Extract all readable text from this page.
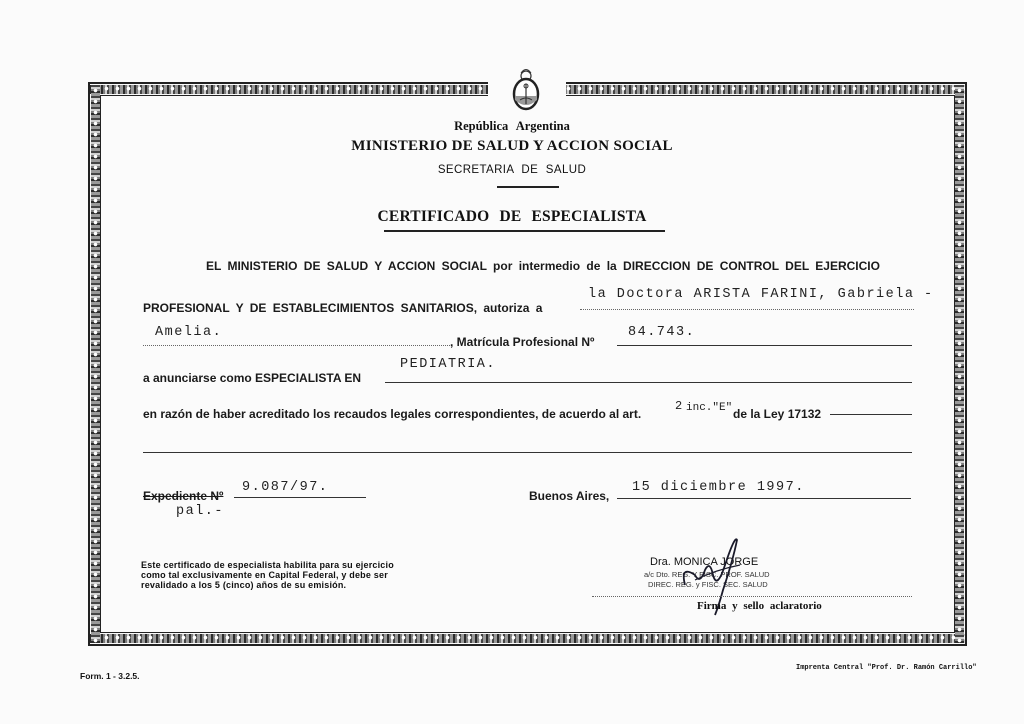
República Argentina
MINISTERIO DE SALUD Y ACCION SOCIAL
SECRETARIA DE SALUD
CERTIFICADO DE ESPECIALISTA
EL MINISTERIO DE SALUD Y ACCION SOCIAL por intermedio de la DIRECCION DE CONTROL DEL EJERCICIO
PROFESIONAL Y DE ESTABLECIMIENTOS SANITARIOS, autoriza a
la Doctora ARISTA FARINI, Gabriela -
Amelia.
, Matrícula Profesional Nº
84.743.
a anunciarse como ESPECIALISTA EN
PEDIATRIA.
en razón de haber acreditado los recaudos legales correspondientes, de acuerdo al art.
2 inc."E" de la Ley 17132
Expediente Nº
9.087/97.
pal.-
Buenos Aires,
15 diciembre 1997.
Este certificado de especialista habilita para su ejercicio
como tal exclusivamente en Capital Federal, y debe ser
revalidado a los 5 (cinco) años de su emisión.
Dra. MONICA JORGE
a/c Dto. REG. Y FISC. PROF. SALUD
DIREC. REG. y FISC. SEC. SALUD
Firma y sello aclaratorio
Form. 1 - 3.2.5.
Imprenta Central "Prof. Dr. Ramón Carrillo"
